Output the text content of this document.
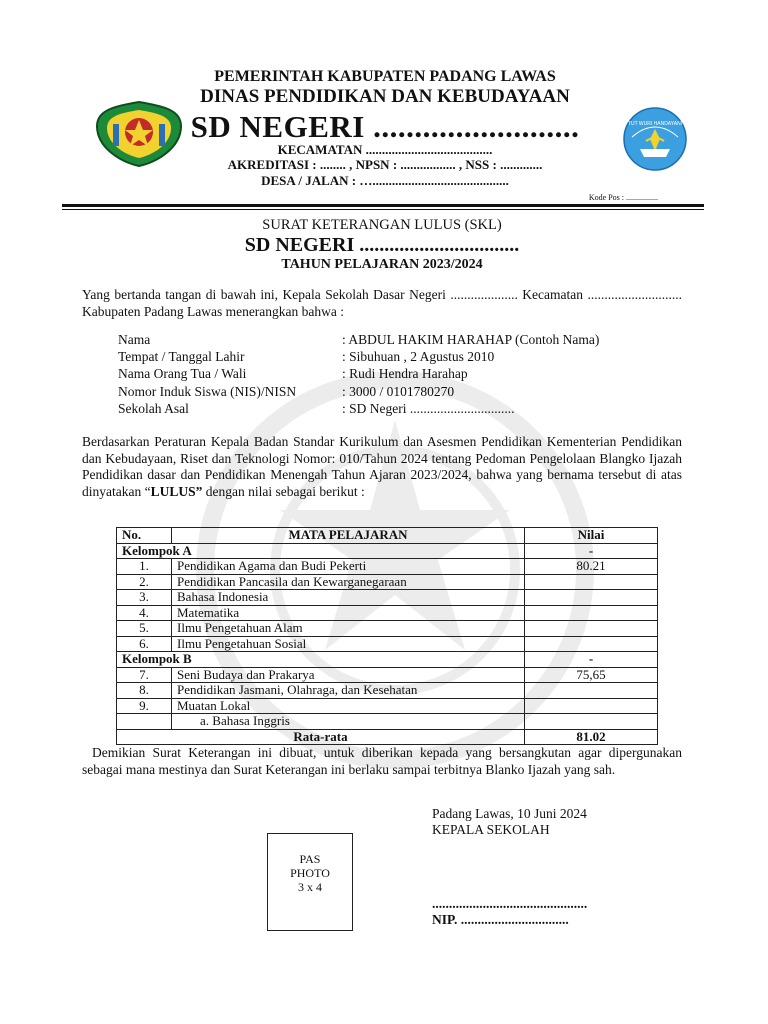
TUT WURI HANDAYANI
PEMERINTAH KABUPATEN PADANG LAWAS
DINAS PENDIDIKAN DAN KEBUDAYAAN
SD NEGERI .........................
KECAMATAN .......................................
AKREDITASI : ........ , NPSN : ................. , NSS : .............
DESA / JALAN : …..........................................
Kode Pos : ................
SURAT KETERANGAN LULUS (SKL)
SD NEGERI ................................
TAHUN PELAJARAN 2023/2024
Yang bertanda tangan di bawah ini, Kepala Sekolah Dasar Negeri .................... Kecamatan ............................ Kabupaten Padang Lawas menerangkan bahwa :
Nama	: ABDUL HAKIM HARAHAP (Contoh Nama)
Tempat / Tanggal Lahir	: Sibuhuan , 2 Agustus 2010
Nama Orang Tua / Wali	: Rudi Hendra Harahap
Nomor Induk Siswa (NIS)/NISN	: 3000 / 0101780270
Sekolah Asal	: SD Negeri ...............................
Berdasarkan Peraturan Kepala Badan Standar Kurikulum dan Asesmen Pendidikan Kementerian Pendidikan dan Kebudayaan, Riset dan Teknologi Nomor: 010/Tahun 2024 tentang Pedoman Pengelolaan Blangko Ijazah Pendidikan dasar dan Pendidikan Menengah Tahun Ajaran 2023/2024, bahwa yang bernama tersebut di atas dinyatakan “LULUS” dengan nilai sebagai berikut :
No.	MATA PELAJARAN	Nilai
Kelompok A		-
1.	Pendidikan Agama dan Budi Pekerti	80.21
2.	Pendidikan Pancasila dan Kewarganegaraan	
3.	Bahasa Indonesia	
4.	Matematika	
5.	Ilmu Pengetahuan Alam	
6.	Ilmu Pengetahuan Sosial	
Kelompok B		-
7.	Seni Budaya dan Prakarya	75,65
8.	Pendidikan Jasmani, Olahraga, dan Kesehatan	
9.	Muatan Lokal	
	a. Bahasa Inggris	
Rata-rata		81.02
Demikian Surat Keterangan ini dibuat, untuk diberikan kepada yang bersangkutan agar dipergunakan sebagai mana mestinya dan Surat Keterangan ini berlaku sampai terbitnya Blanko Ijazah yang sah.
Padang Lawas, 10 Juni 2024
KEPALA SEKOLAH
..............................................
NIP. ................................
PAS
PHOTO
3 x 4
